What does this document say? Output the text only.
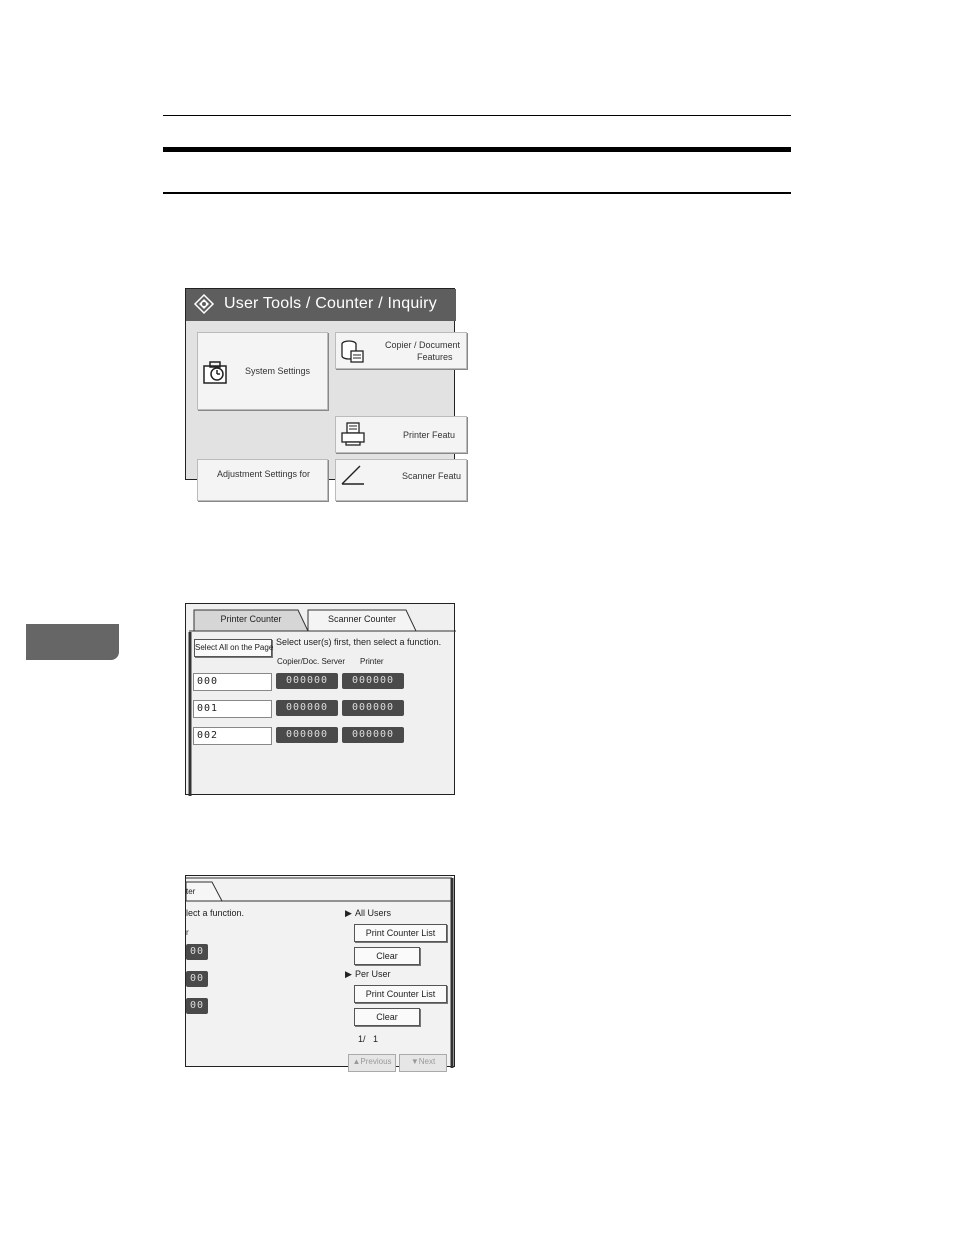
User Tools / Counter / Inquiry
System Settings
Copier / Document
Features
Printer Featu
Adjustment Settings for	Scanner Featu
Printer Counter	Scanner Counter
Select All on the Page
Select user(s) first, then select a function.
Copier/Doc. Server Printer
000	000000	000000
001	000000	000000
002	000000	000000
ter
lect a function.
r
00
00
00
▶ All Users
Print Counter List
Clear
▶ Per User
Print Counter List
Clear
1/   1
▲Previous	▼Next
